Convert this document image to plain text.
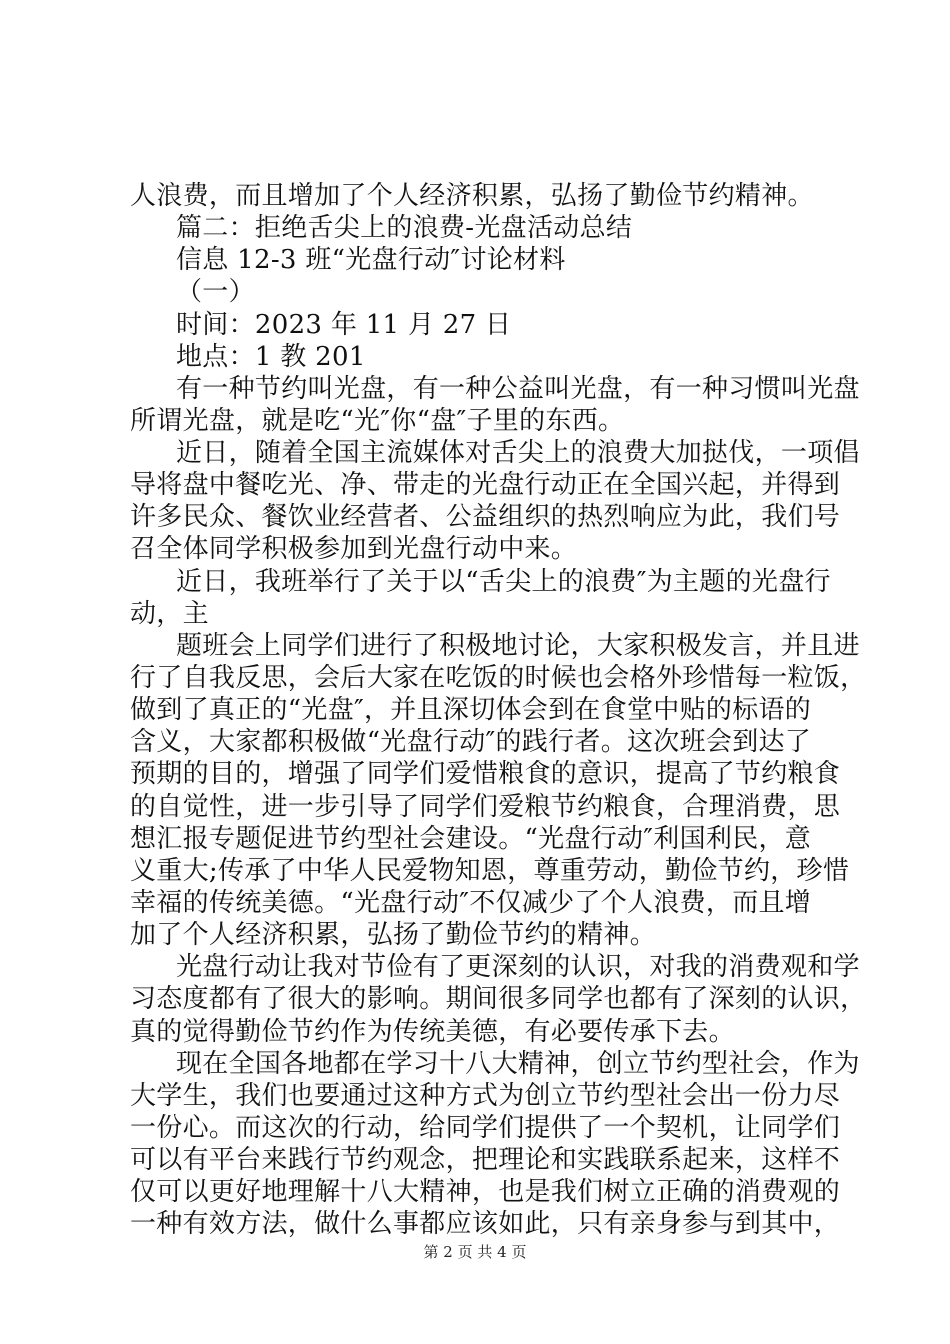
人浪费，而且增加了个人经济积累，弘扬了勤俭节约精神。
篇二：拒绝舌尖上的浪费-光盘活动总结
信息 12-3 班“光盘行动″讨论材料
（一）
时间：2023 年 11 月 27 日
地点：1 教 201
有一种节约叫光盘，有一种公益叫光盘，有一种习惯叫光盘
所谓光盘，就是吃“光″你“盘″子里的东西。
近日，随着全国主流媒体对舌尖上的浪费大加挞伐，一项倡
导将盘中餐吃光、净、带走的光盘行动正在全国兴起，并得到
许多民众、餐饮业经营者、公益组织的热烈响应为此，我们号
召全体同学积极参加到光盘行动中来。
近日，我班举行了关于以“舌尖上的浪费″为主题的光盘行
动，主
题班会上同学们进行了积极地讨论，大家积极发言，并且进
行了自我反思，会后大家在吃饭的时候也会格外珍惜每一粒饭，
做到了真正的“光盘″，并且深切体会到在食堂中贴的标语的
含义，大家都积极做“光盘行动″的践行者。这次班会到达了
预期的目的，增强了同学们爱惜粮食的意识，提高了节约粮食
的自觉性，进一步引导了同学们爱粮节约粮食，合理消费，思
想汇报专题促进节约型社会建设。“光盘行动″利国利民，意
义重大;传承了中华人民爱物知恩，尊重劳动，勤俭节约，珍惜
幸福的传统美德。“光盘行动″不仅减少了个人浪费，而且增
加了个人经济积累，弘扬了勤俭节约的精神。
光盘行动让我对节俭有了更深刻的认识，对我的消费观和学
习态度都有了很大的影响。期间很多同学也都有了深刻的认识，
真的觉得勤俭节约作为传统美德，有必要传承下去。
现在全国各地都在学习十八大精神，创立节约型社会，作为
大学生，我们也要通过这种方式为创立节约型社会出一份力尽
一份心。而这次的行动，给同学们提供了一个契机，让同学们
可以有平台来践行节约观念，把理论和实践联系起来，这样不
仅可以更好地理解十八大精神，也是我们树立正确的消费观的
一种有效方法，做什么事都应该如此，只有亲身参与到其中，
第 2 页 共 4 页
